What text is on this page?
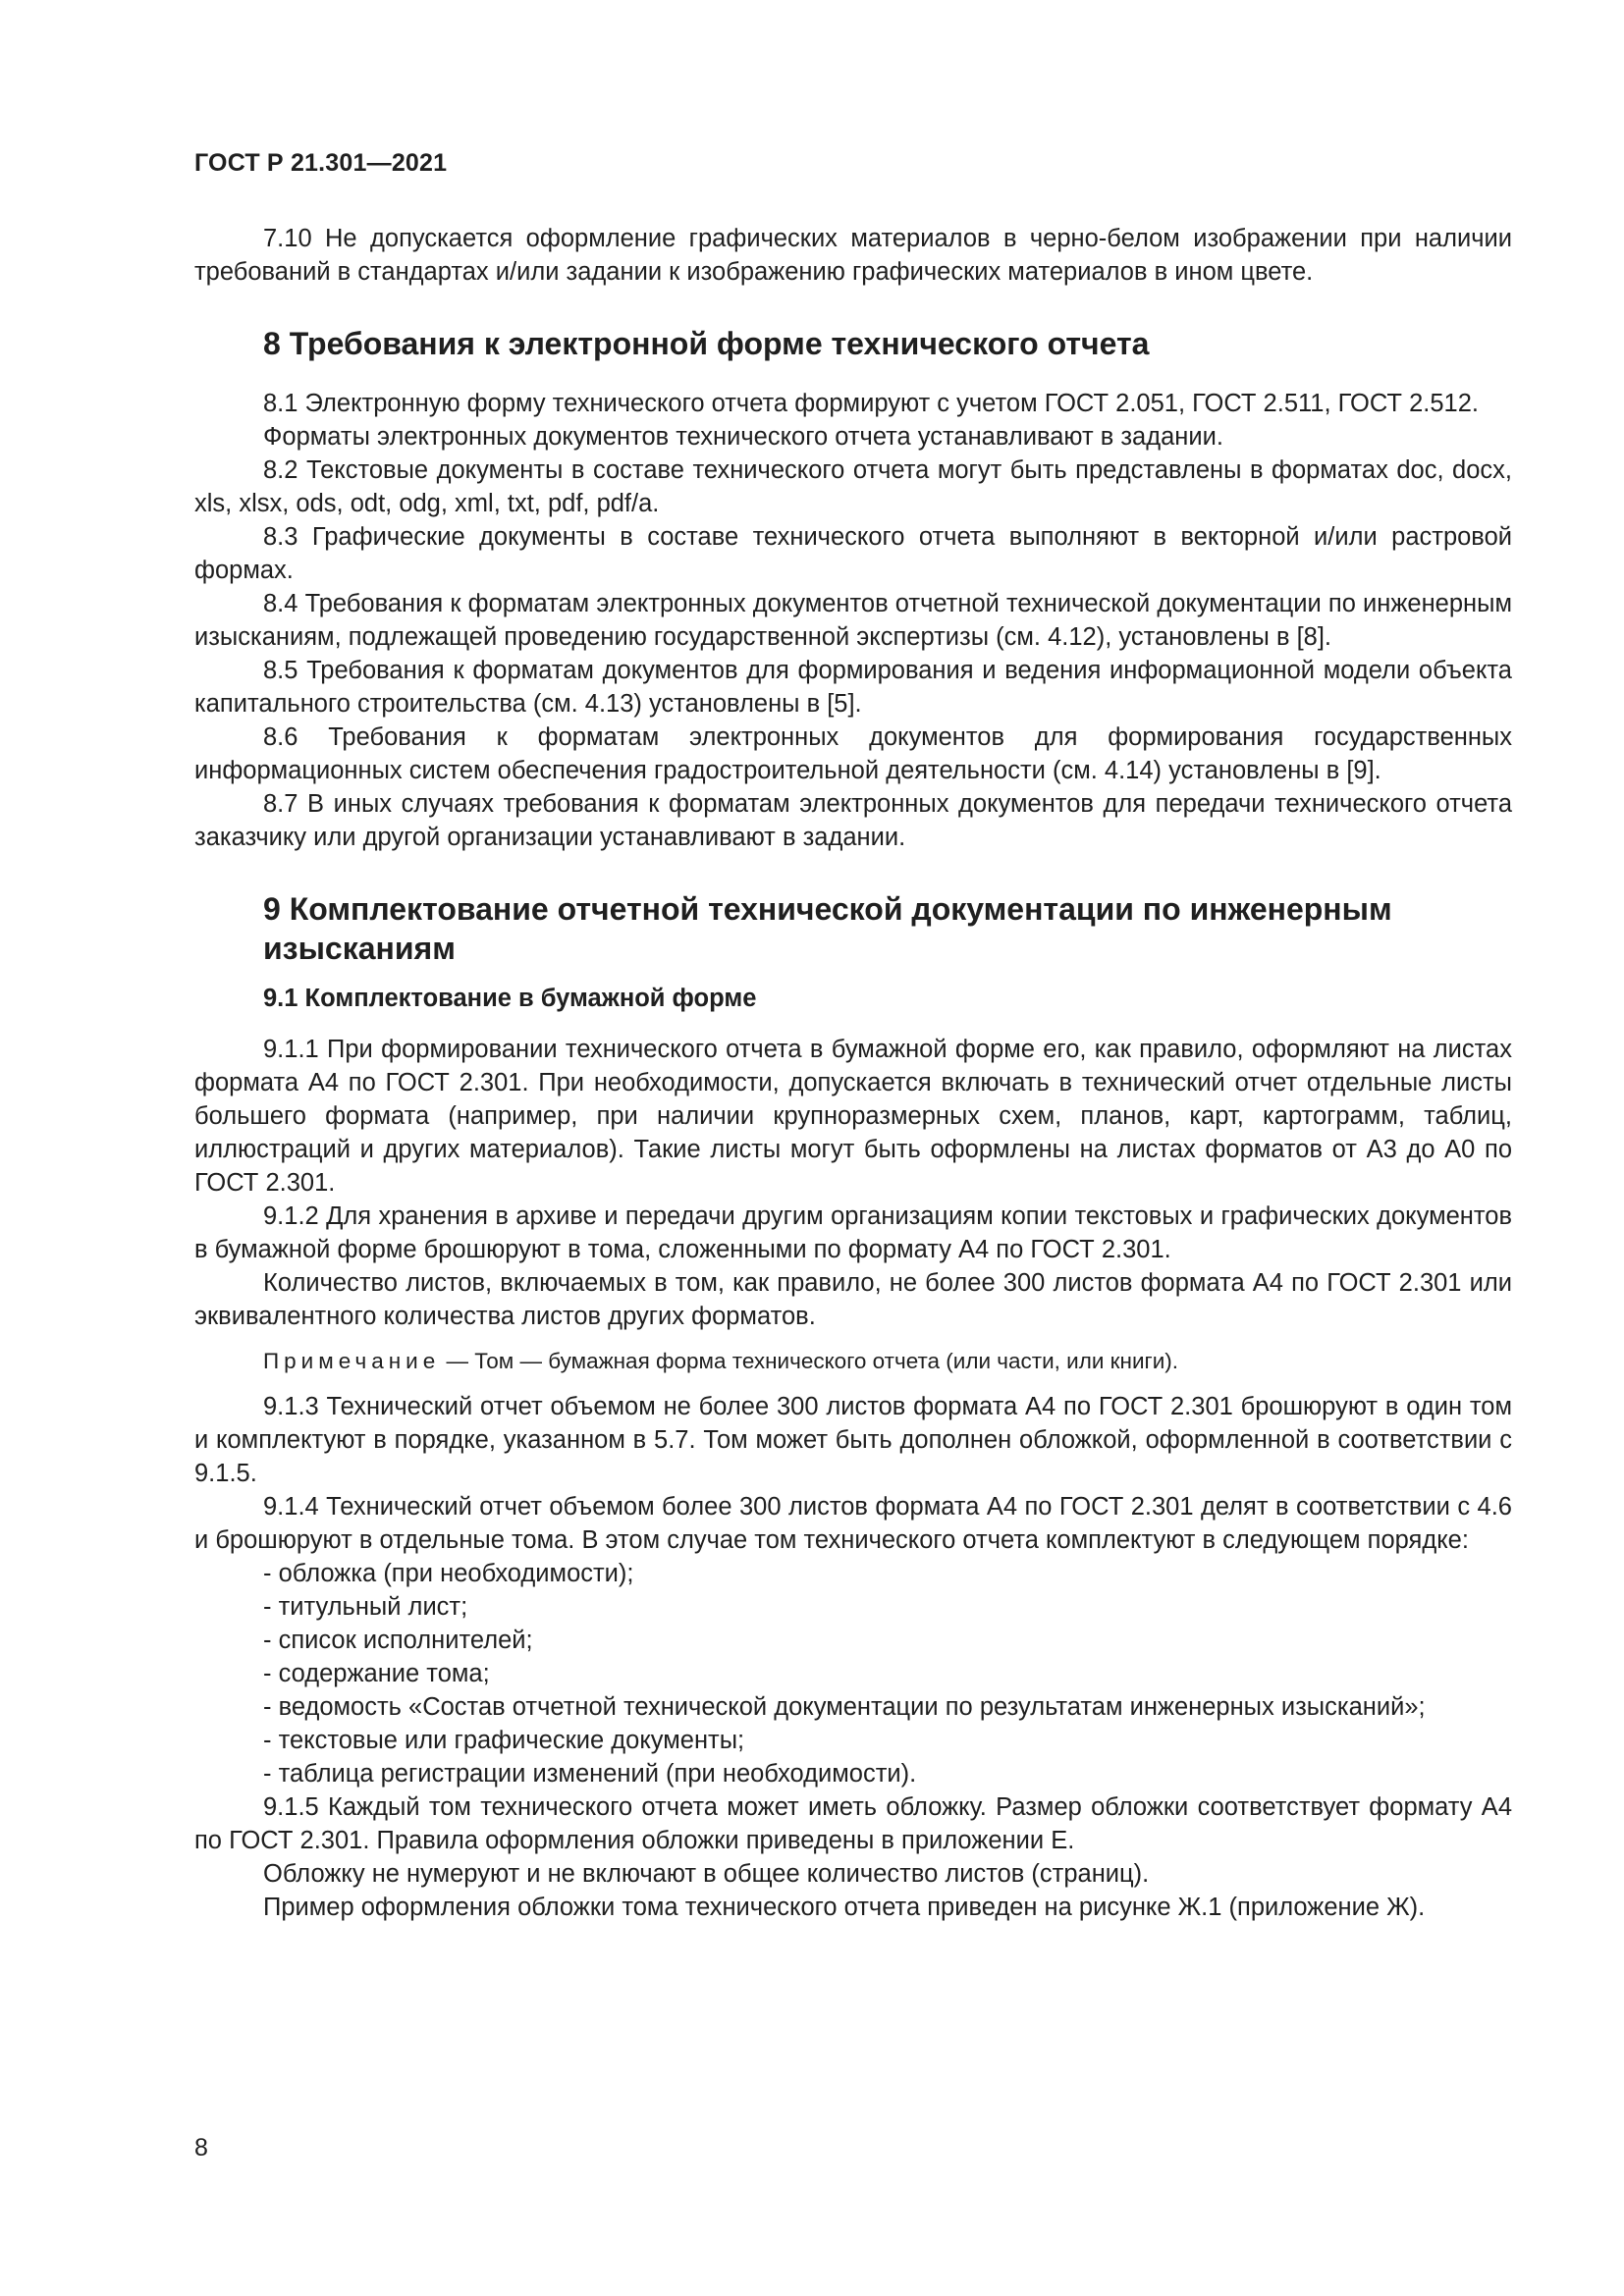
ГОСТ Р 21.301—2021

7.10 Не допускается оформление графических материалов в черно-белом изображении при наличии требований в стандартах и/или задании к изображению графических материалов в ином цвете.

8 Требования к электронной форме технического отчета

8.1 Электронную форму технического отчета формируют с учетом ГОСТ 2.051, ГОСТ 2.511, ГОСТ 2.512.

Форматы электронных документов технического отчета устанавливают в задании.

8.2 Текстовые документы в составе технического отчета могут быть представлены в форматах doc, docx, xls, xlsx, ods, odt, odg, xml, txt, pdf, pdf/a.

8.3 Графические документы в составе технического отчета выполняют в векторной и/или растровой формах.

8.4 Требования к форматам электронных документов отчетной технической документации по инженерным изысканиям, подлежащей проведению государственной экспертизы (см. 4.12), установлены в [8].

8.5 Требования к форматам документов для формирования и ведения информационной модели объекта капитального строительства (см. 4.13) установлены в [5].

8.6 Требования к форматам электронных документов для формирования государственных информационных систем обеспечения градостроительной деятельности (см. 4.14) установлены в [9].

8.7 В иных случаях требования к форматам электронных документов для передачи технического отчета заказчику или другой организации устанавливают в задании.

9 Комплектование отчетной технической документации по инженерным изысканиям
9.1 Комплектование в бумажной форме

9.1.1 При формировании технического отчета в бумажной форме его, как правило, оформляют на листах формата А4 по ГОСТ 2.301. При необходимости, допускается включать в технический отчет отдельные листы большего формата (например, при наличии крупноразмерных схем, планов, карт, картограмм, таблиц, иллюстраций и других материалов). Такие листы могут быть оформлены на листах форматов от А3 до А0 по ГОСТ 2.301.

9.1.2 Для хранения в архиве и передачи другим организациям копии текстовых и графических документов в бумажной форме брошюруют в тома, сложенными по формату А4 по ГОСТ 2.301.

Количество листов, включаемых в том, как правило, не более 300 листов формата А4 по ГОСТ 2.301 или эквивалентного количества листов других форматов.

Примечание — Том — бумажная форма технического отчета (или части, или книги).

9.1.3 Технический отчет объемом не более 300 листов формата А4 по ГОСТ 2.301 брошюруют в один том и комплектуют в порядке, указанном в 5.7. Том может быть дополнен обложкой, оформленной в соответствии с 9.1.5.

9.1.4 Технический отчет объемом более 300 листов формата А4 по ГОСТ 2.301 делят в соответствии с 4.6 и брошюруют в отдельные тома. В этом случае том технического отчета комплектуют в следующем порядке:

- обложка (при необходимости);
- титульный лист;
- список исполнителей;
- содержание тома;

- ведомость «Состав отчетной технической документации по результатам инженерных изысканий»;

- текстовые или графические документы;
- таблица регистрации изменений (при необходимости).

9.1.5 Каждый том технического отчета может иметь обложку. Размер обложки соответствует формату А4 по ГОСТ 2.301. Правила оформления обложки приведены в приложении Е.

Обложку не нумеруют и не включают в общее количество листов (страниц).

Пример оформления обложки тома технического отчета приведен на рисунке Ж.1 (приложение Ж).

8
